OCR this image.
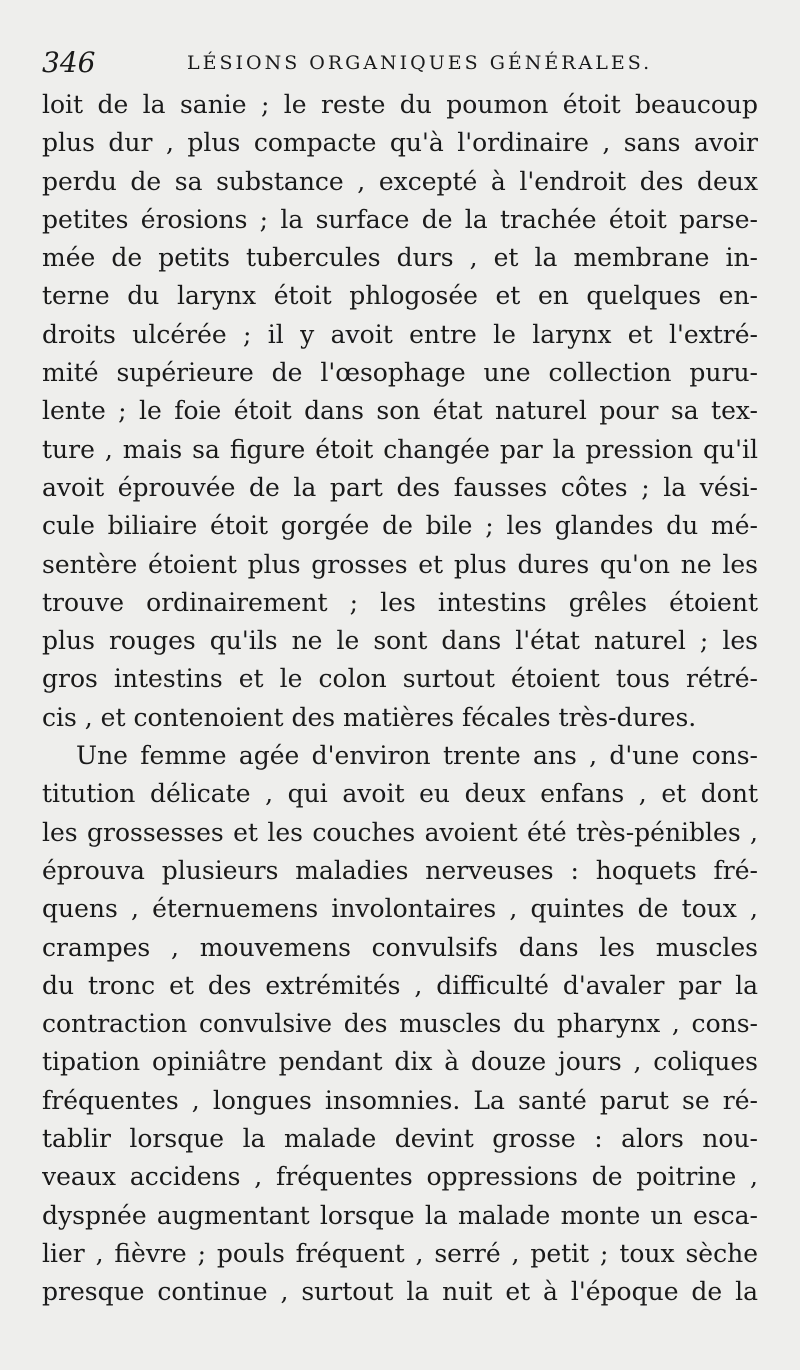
346	LÉSIONS ORGANIQUES GÉNÉRALES.
loit de la sanie ; le reste du poumon étoit beaucoup
plus dur , plus compacte qu'à l'ordinaire , sans avoir
perdu de sa substance , excepté à l'endroit des deux
petites érosions ; la surface de la trachée étoit parse-
mée de petits tubercules durs , et la membrane in-
terne du larynx étoit phlogosée et en quelques en-
droits ulcérée ; il y avoit entre le larynx et l'extré-
mité supérieure de l'œsophage une collection puru-
lente ; le foie étoit dans son état naturel pour sa tex-
ture , mais sa figure étoit changée par la pression qu'il
avoit éprouvée de la part des fausses côtes ; la vési-
cule biliaire étoit gorgée de bile ; les glandes du mé-
sentère étoient plus grosses et plus dures qu'on ne les
trouve ordinairement ; les intestins grêles étoient
plus rouges qu'ils ne le sont dans l'état naturel ; les
gros intestins et le colon surtout étoient tous rétré-
cis , et contenoient des matières fécales très-dures.
Une femme agée d'environ trente ans , d'une cons-
titution délicate , qui avoit eu deux enfans , et dont
les grossesses et les couches avoient été très-pénibles ,
éprouva plusieurs maladies nerveuses : hoquets fré-
quens , éternuemens involontaires , quintes de toux ,
crampes , mouvemens convulsifs dans les muscles
du tronc et des extrémités , difficulté d'avaler par la
contraction convulsive des muscles du pharynx , cons-
tipation opiniâtre pendant dix à douze jours , coliques
fréquentes , longues insomnies. La santé parut se ré-
tablir lorsque la malade devint grosse : alors nou-
veaux accidens , fréquentes oppressions de poitrine ,
dyspnée augmentant lorsque la malade monte un esca-
lier , fièvre ; pouls fréquent , serré , petit ; toux sèche
presque continue , surtout la nuit et à l'époque de la
